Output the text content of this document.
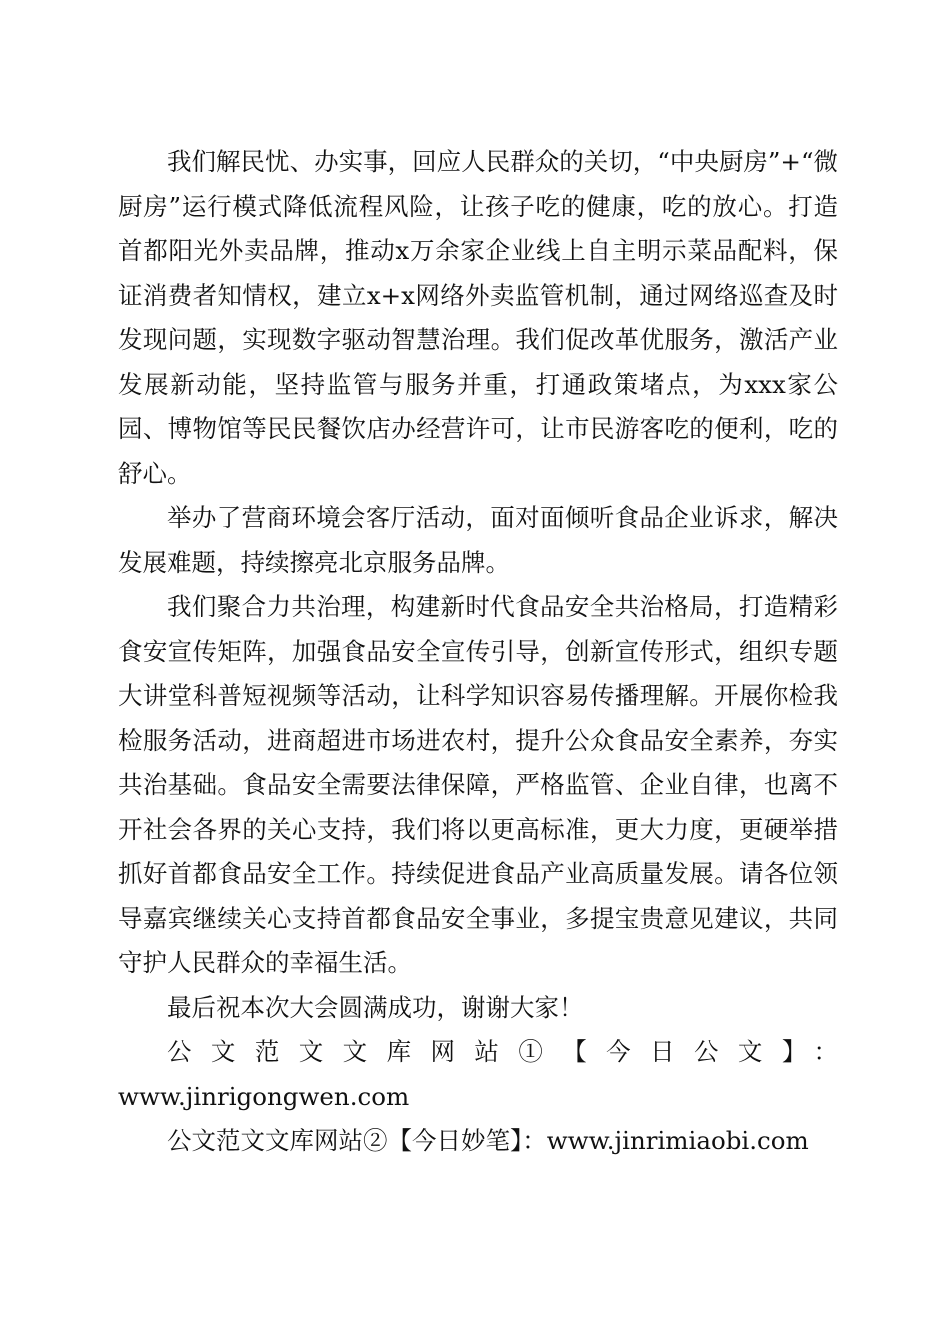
我们解民忧、办实事，回应人民群众的关切，“中央厨房”+“微厨房”运行模式降低流程风险，让孩子吃的健康，吃的放心。打造首都阳光外卖品牌，推动x万余家企业线上自主明示菜品配料，保证消费者知情权，建立x+x网络外卖监管机制，通过网络巡查及时发现问题，实现数字驱动智慧治理。我们促改革优服务，激活产业发展新动能，坚持监管与服务并重，打通政策堵点，为xxx家公园、博物馆等民民餐饮店办经营许可，让市民游客吃的便利，吃的舒心。

举办了营商环境会客厅活动，面对面倾听食品企业诉求，解决发展难题，持续擦亮北京服务品牌。

我们聚合力共治理，构建新时代食品安全共治格局，打造精彩食安宣传矩阵，加强食品安全宣传引导，创新宣传形式，组织专题大讲堂科普短视频等活动，让科学知识容易传播理解。开展你检我检服务活动，进商超进市场进农村，提升公众食品安全素养，夯实共治基础。食品安全需要法律保障，严格监管、企业自律，也离不开社会各界的关心支持，我们将以更高标准，更大力度，更硬举措抓好首都食品安全工作。持续促进食品产业高质量发展。请各位领导嘉宾继续关心支持首都食品安全事业，多提宝贵意见建议，共同守护人民群众的幸福生活。

最后祝本次大会圆满成功，谢谢大家！

公文范文文库网站①【今日公文】：

www.jinrigongwen.com

公文范文文库网站②【今日妙笔】：www.jinrimiaobi.com
